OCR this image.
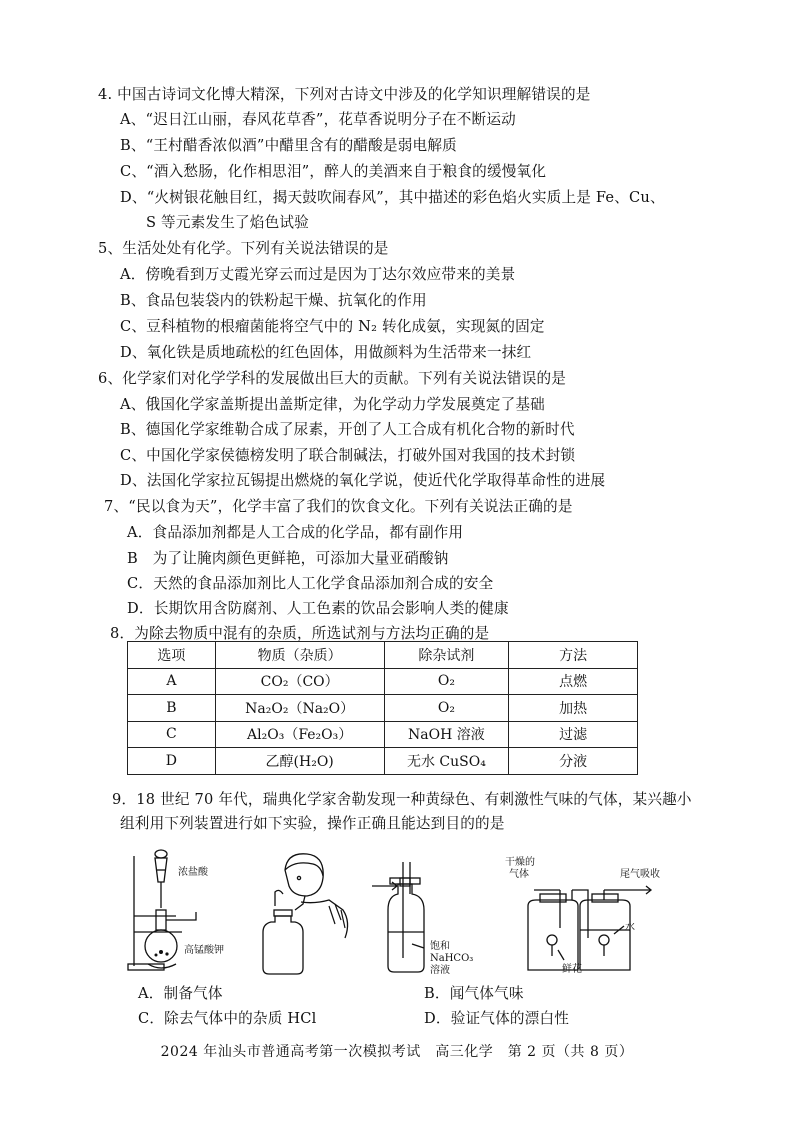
4. 中国古诗词文化博大精深，下列对古诗文中涉及的化学知识理解错误的是
A、“迟日江山丽，春风花草香”，花草香说明分子在不断运动
B、“王村醋香浓似酒”中醋里含有的醋酸是弱电解质
C、“酒入愁肠，化作相思泪”，醉人的美酒来自于粮食的缓慢氧化
D、“火树银花触目红，揭天鼓吹闹春风”，其中描述的彩色焰火实质上是 Fe、Cu、
S 等元素发生了焰色试验
5、生活处处有化学。下列有关说法错误的是
A．傍晚看到万丈霞光穿云而过是因为丁达尔效应带来的美景
B、食品包装袋内的铁粉起干燥、抗氧化的作用
C、豆科植物的根瘤菌能将空气中的 N₂ 转化成氨，实现氮的固定
D、氧化铁是质地疏松的红色固体，用做颜料为生活带来一抹红
6、化学家们对化学学科的发展做出巨大的贡献。下列有关说法错误的是
A、俄国化学家盖斯提出盖斯定律，为化学动力学发展奠定了基础
B、德国化学家维勒合成了尿素，开创了人工合成有机化合物的新时代
C、中国化学家侯德榜发明了联合制碱法，打破外国对我国的技术封锁
D、法国化学家拉瓦锡提出燃烧的氧化学说，使近代化学取得革命性的进展
7、“民以食为天”，化学丰富了我们的饮食文化。下列有关说法正确的是
A．食品添加剂都是人工合成的化学品，都有副作用
B　为了让腌肉颜色更鲜艳，可添加大量亚硝酸钠
C．天然的食品添加剂比人工化学食品添加剂合成的安全
D．长期饮用含防腐剂、人工色素的饮品会影响人类的健康
8．为除去物质中混有的杂质，所选试剂与方法均正确的是
选项	物质（杂质）	除杂试剂	方法
A	CO₂（CO）	O₂	点燃
B	Na₂O₂（Na₂O）	O₂	加热
C	Al₂O₃（Fe₂O₃）	NaOH 溶液	过滤
D	乙醇(H₂O)	无水 CuSO₄	分液
9．18 世纪 70 年代，瑞典化学家舍勒发现一种黄绿色、有刺激性气味的气体，某兴趣小
组利用下列装置进行如下实验，操作正确且能达到目的的是
浓盐酸
高锰酸钾	饱和
NaHCO₃
溶液
干燥的
气体	尾气吸收
水
鲜花
A．制备气体	B．闻气体气味
C．除去气体中的杂质 HCl	D．验证气体的漂白性
2024 年汕头市普通高考第一次模拟考试　高三化学　第 2 页（共 8 页）
